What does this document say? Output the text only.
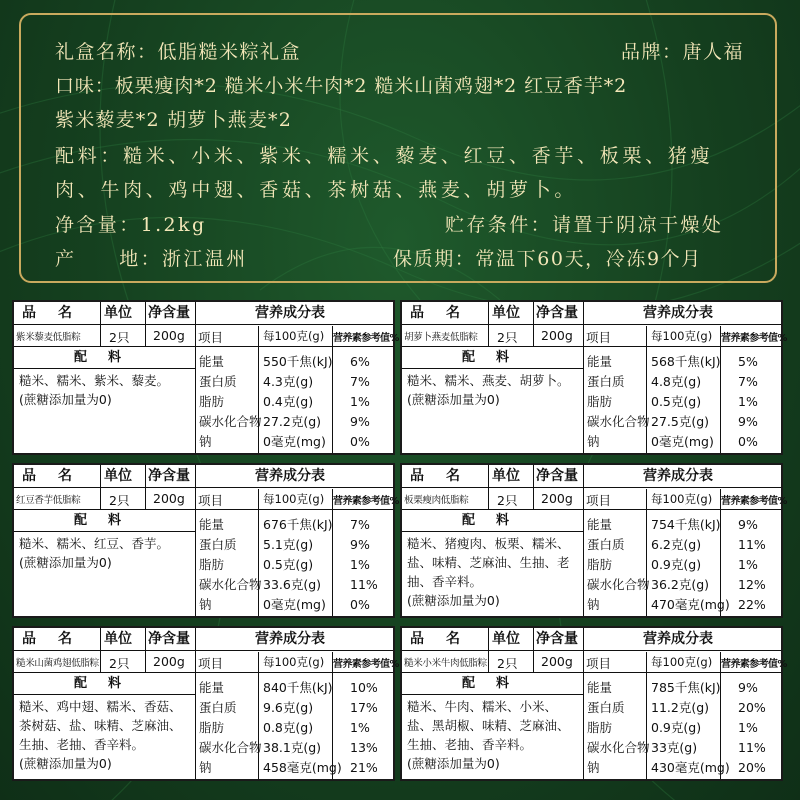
礼盒名称：低脂糙米粽礼盒	品牌：唐人福
口味：板栗瘦肉*2 糙米小米牛肉*2 糙米山菌鸡翅*2 红豆香芋*2
紫米藜麦*2 胡萝卜燕麦*2
配料：糙米、小米、紫米、糯米、藜麦、红豆、香芋、板栗、猪瘦
肉、牛肉、鸡中翅、香菇、茶树菇、燕麦、胡萝卜。
净含量：1.2kg	贮存条件：请置于阴凉干燥处
产　　地：浙江温州	保质期：常温下60天，冷冻9个月
品　名 单位 净含量	营养成分表
紫米藜麦低脂粽 2只 200g 项目	每100克(g) 营养素参考值%
配　料
糙米、糯米、紫米、藜麦。
(蔗糖添加量为0)
能量	550千焦(kJ) 6%
蛋白质 4.3克(g)	7%
脂肪	0.4克(g)	1%
碳水化合物 27.2克(g) 9%
钠	0毫克(mg) 0%
品　名 单位 净含量	营养成分表
胡萝卜燕麦低脂粽 2只 200g 项目	每100克(g) 营养素参考值%
配　料
糙米、糯米、燕麦、胡萝卜。
(蔗糖添加量为0)
能量	568千焦(kJ) 5%
蛋白质 4.8克(g)	7%
脂肪	0.5克(g)	1%
碳水化合物 27.5克(g) 9%
钠	0毫克(mg) 0%
品　名 单位 净含量	营养成分表
红豆香芋低脂粽 2只 200g 项目	每100克(g) 营养素参考值%
配　料
糙米、糯米、红豆、香芋。
(蔗糖添加量为0)
能量	676千焦(kJ) 7%
蛋白质 5.1克(g)	9%
脂肪	0.5克(g)	1%
碳水化合物 33.6克(g) 11%
钠	0毫克(mg) 0%
品　名 单位 净含量	营养成分表
板栗瘦肉低脂粽 2只 200g 项目	每100克(g) 营养素参考值%
配　料
糙米、猪瘦肉、板栗、糯米、盐、味精、芝麻油、生抽、老抽、香辛料。
(蔗糖添加量为0)
能量	754千焦(kJ) 9%
蛋白质 6.2克(g)	11%
脂肪	0.9克(g)	1%
碳水化合物 36.2克(g) 12%
钠	470毫克(mg) 22%
品　名 单位 净含量	营养成分表
糙米山菌鸡翅低脂粽 2只 200g 项目	每100克(g) 营养素参考值%
配　料
糙米、鸡中翅、糯米、香菇、茶树菇、盐、味精、芝麻油、生抽、老抽、香辛料。
(蔗糖添加量为0)
能量	840千焦(kJ) 10%
蛋白质 9.6克(g)	17%
脂肪	0.8克(g)	1%
碳水化合物 38.1克(g) 13%
钠	458毫克(mg) 21%
品　名 单位 净含量	营养成分表
糙米小米牛肉低脂粽 2只 200g 项目	每100克(g) 营养素参考值%
配　料
糙米、牛肉、糯米、小米、盐、黑胡椒、味精、芝麻油、生抽、老抽、香辛料。
(蔗糖添加量为0)
能量	785千焦(kJ) 9%
蛋白质 11.2克(g) 20%
脂肪	0.9克(g)	1%
碳水化合物 33克(g)	11%
钠	430毫克(mg) 20%
